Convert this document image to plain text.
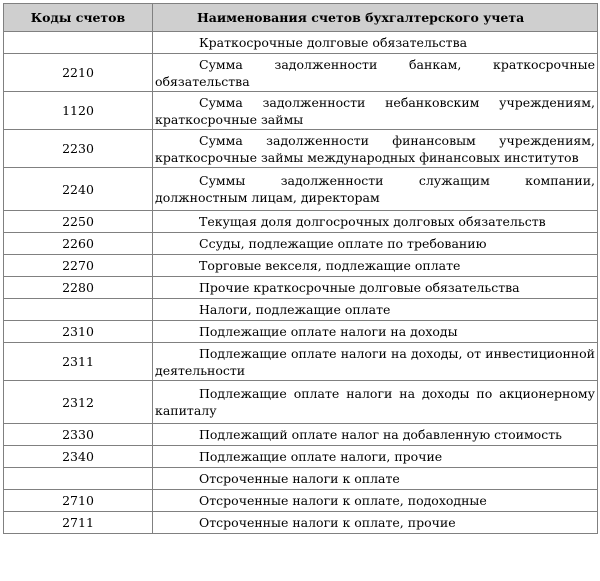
Коды счетов	Наименования счетов бухгалтерского учета

	Краткосрочные долговые обязательства

2210	Сумма задолженности банкам, краткосрочные обязательства

1120	Сумма задолженности небанковским учреждениям, краткосрочные займы

2230	Сумма задолженности финансовым учреждениям, краткосрочные займы международных финансовых институтов

2240	Суммы задолженности служащим компании, должностным лицам, директорам

2250	Текущая доля долгосрочных долговых обязательств

2260	Ссуды, подлежащие оплате по требованию

2270	Торговые векселя, подлежащие оплате

2280	Прочие краткосрочные долговые обязательства

	Налоги, подлежащие оплате

2310	Подлежащие оплате налоги на доходы

2311	Подлежащие оплате налоги на доходы, от инвестиционной деятельности

2312	Подлежащие оплате налоги на доходы по акционерному капиталу

2330	Подлежащий оплате налог на добавленную стоимость

2340	Подлежащие оплате налоги, прочие

	Отсроченные налоги к оплате

2710	Отсроченные налоги к оплате, подоходные

2711	Отсроченные налоги к оплате, прочие
